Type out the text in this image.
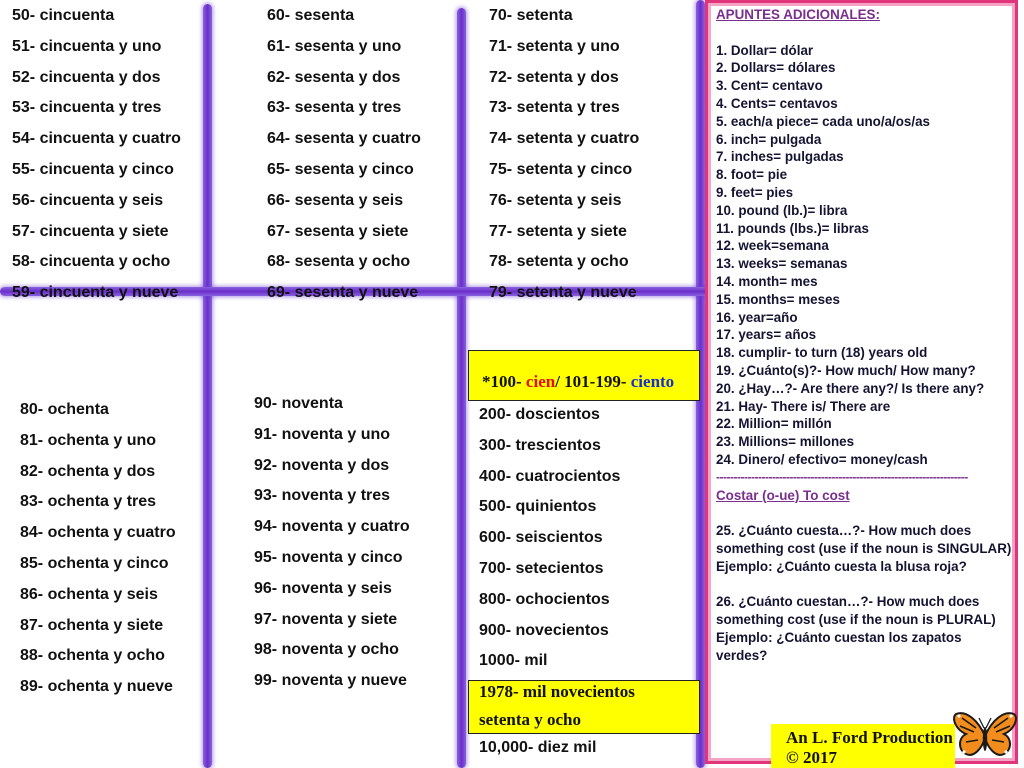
50- cincuenta
51- cincuenta y uno
52- cincuenta y dos
53- cincuenta y tres
54- cincuenta y cuatro
55- cincuenta y cinco
56- cincuenta y seis
57- cincuenta y siete
58- cincuenta y ocho
59- cincuenta y nueve
60- sesenta
61- sesenta y uno
62- sesenta y dos
63- sesenta y tres
64- sesenta y cuatro
65- sesenta y cinco
66- sesenta y seis
67- sesenta y siete
68- sesenta y ocho
69- sesenta y nueve
70- setenta
71- setenta y uno
72- setenta y dos
73- setenta y tres
74- setenta y cuatro
75- setenta y cinco
76- setenta y seis
77- setenta y siete
78- setenta y ocho
79- setenta y nueve
80- ochenta
81- ochenta y uno
82- ochenta y dos
83- ochenta y tres
84- ochenta y cuatro
85- ochenta y cinco
86- ochenta y seis
87- ochenta y siete
88- ochenta y ocho
89- ochenta y nueve
90- noventa
91- noventa y uno
92- noventa y dos
93- noventa y tres
94- noventa y cuatro
95- noventa y cinco
96- noventa y seis
97- noventa y siete
98- noventa y ocho
99- noventa y nueve
*100- cien/ 101-199- ciento
200- doscientos
300- trescientos
400- cuatrocientos
500- quinientos
600- seiscientos
700- setecientos
800- ochocientos
900- novecientos
1000- mil
1978- mil novecientos
setenta y ocho
10,000- diez mil
APUNTES ADICIONALES:
1. Dollar= dólar
2. Dollars= dólares
3. Cent= centavo
4. Cents= centavos
5. each/a piece= cada uno/a/os/as
6. inch= pulgada
7. inches= pulgadas
8. foot= pie
9. feet= pies
10. pound (lb.)= libra
11. pounds (lbs.)= libras
12. week=semana
13. weeks= semanas
14. month= mes
15. months= meses
16. year=año
17. years= años
18. cumplir- to turn (18) years old
19. ¿Cuánto(s)?- How much/ How many?
20. ¿Hay…?- Are there any?/ Is there any?
21. Hay- There is/ There are
22. Million= millón
23. Millions= millones
24. Dinero/ efectivo= money/cash
------------------------------------------------------------------------
Costar (o-ue) To cost
25. ¿Cuánto cuesta…?- How much does something cost (use if the noun is SINGULAR)
Ejemplo: ¿Cuánto cuesta la blusa roja?
26. ¿Cuánto cuestan…?- How much does something cost (use if the noun is PLURAL)
Ejemplo: ¿Cuánto cuestan los zapatos verdes?
An L. Ford Production
© 2017
